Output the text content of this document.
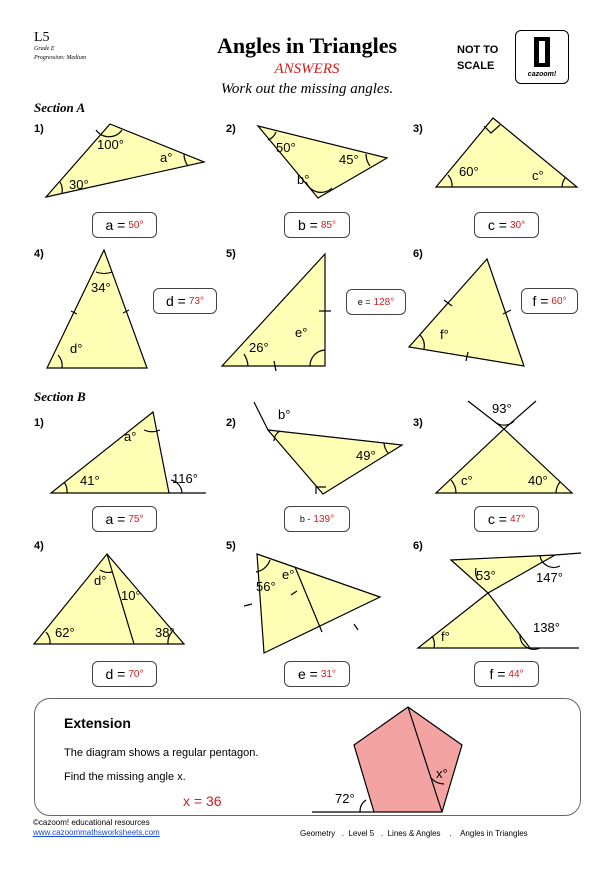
L5
Grade E
Progression: Medium	Angles in Triangles
ANSWERS
Work out the missing angles.
NOT TO
SCALE
cazoom!
Section A
Section B
1)	2)	3)
4)	5)	6)
1)	2)	3)
4)	5)	6)
100°
a°
30°
50°
45°
b°
60°	c°
34°
d°
e°
26°
f°
a°
41°	116°
b°
49°
93°
c°	40°
d°
10°
62°	38°
56°
e°	53°	147°
138°
f°
72°
x°
a = 50°	b = 85°	c = 30°
d = 73°	e = 128°	f = 60°
a = 75°	b - 139°	c = 47°
d = 70°	e = 31°	f = 44°
Extension
The diagram shows a regular pentagon.
Find the missing angle x.
x = 36
©cazoom! educational resources
www.cazoommathsworksheets.com	Geometry   .  Level 5   .  Lines & Angles    .    Angles in Triangles
